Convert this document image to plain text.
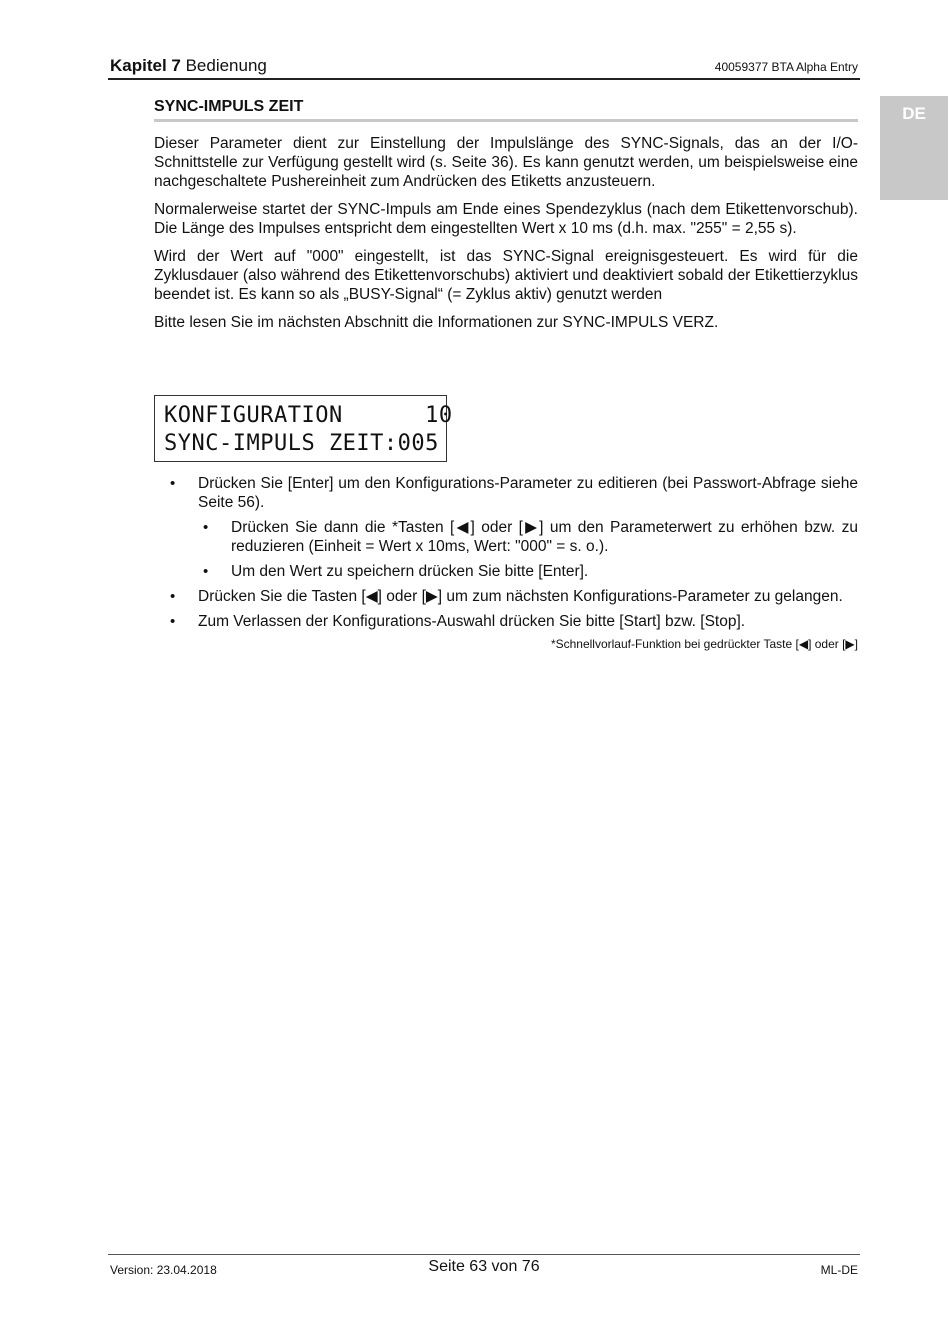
Kapitel 7 Bedienung	40059377 BTA Alpha Entry
DE
SYNC-IMPULS ZEIT

Dieser Parameter dient zur Einstellung der Impulslänge des SYNC-Signals, das an der I/O-Schnittstelle zur Verfügung gestellt wird (s. Seite 36). Es kann genutzt werden, um beispielsweise eine nachgeschaltete Pushereinheit zum Andrücken des Etiketts anzusteuern.

Normalerweise startet der SYNC-Impuls am Ende eines Spendezyklus (nach dem Etikettenvorschub). Die Länge des Impulses entspricht dem eingestellten Wert x 10 ms (d.h. max. "255" = 2,55 s).

Wird der Wert auf "000" eingestellt, ist das SYNC-Signal ereignisgesteuert. Es wird für die Zyklusdauer (also während des Etikettenvorschubs) aktiviert und deaktiviert sobald der Etikettierzyklus beendet ist. Es kann so als „BUSY-Signal“ (= Zyklus aktiv) genutzt werden

Bitte lesen Sie im nächsten Abschnitt die Informationen zur SYNC-IMPULS VERZ.

KONFIGURATION      10
SYNC-IMPULS ZEIT:005
• Drücken Sie [Enter] um den Konfigurations-Parameter zu editieren (bei Passwort-Abfrage siehe Seite 56).
• Drücken Sie dann die *Tasten [◀] oder [▶] um den Parameterwert zu erhöhen bzw. zu reduzieren (Einheit = Wert x 10ms, Wert: "000" = s. o.).
• Um den Wert zu speichern drücken Sie bitte [Enter].
• Drücken Sie die Tasten [◀] oder [▶] um zum nächsten Konfigurations-Parameter zu gelangen.
• Zum Verlassen der Konfigurations-Auswahl drücken Sie bitte [Start] bzw. [Stop].
*Schnellvorlauf-Funktion bei gedrückter Taste [◀] oder [▶]
Version: 23.04.2018	Seite 63 von 76	ML-DE
